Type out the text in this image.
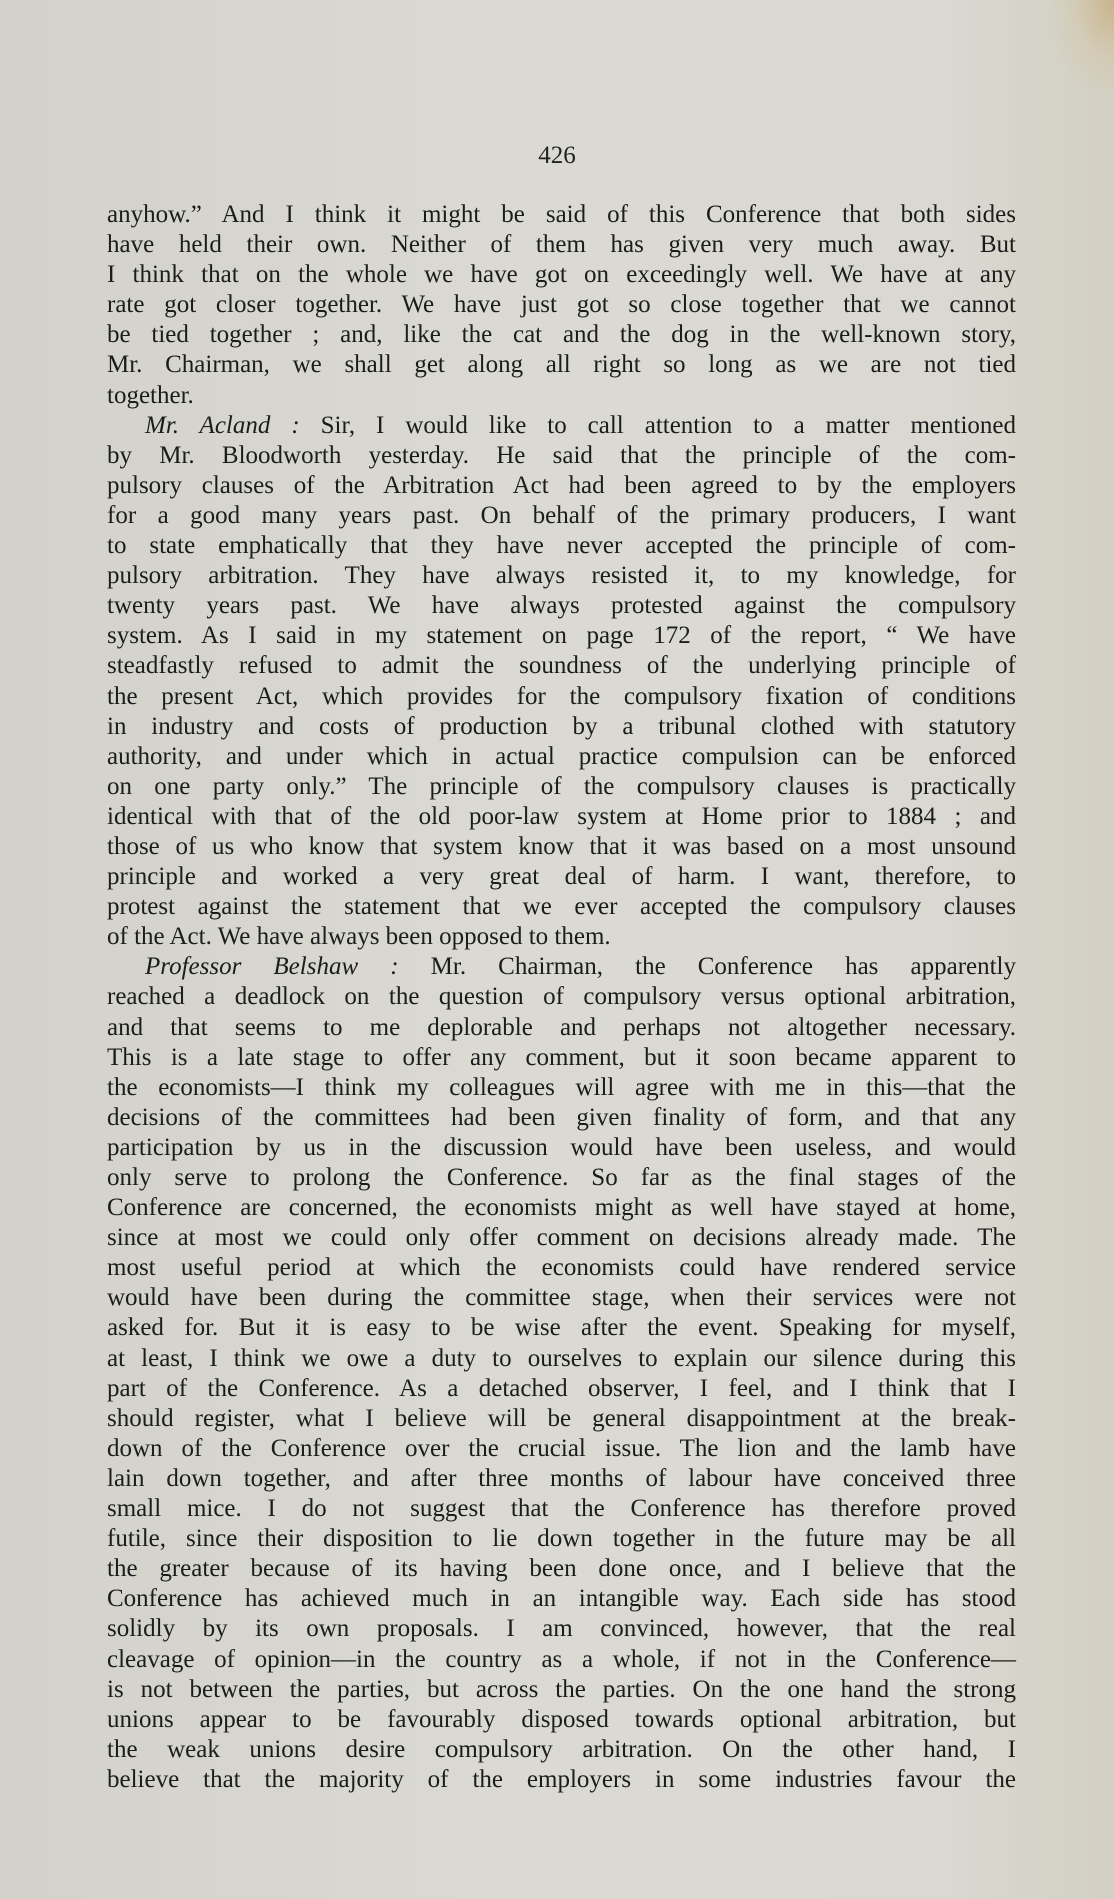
426
anyhow.” And I think it might be said of this Conference that both sides
have held their own. Neither of them has given very much away. But
I think that on the whole we have got on exceedingly well. We have at any
rate got closer together. We have just got so close together that we cannot
be tied together ; and, like the cat and the dog in the well-known story,
Mr. Chairman, we shall get along all right so long as we are not tied
together.
Mr. Acland : Sir, I would like to call attention to a matter mentioned
by Mr. Bloodworth yesterday. He said that the principle of the com-
pulsory clauses of the Arbitration Act had been agreed to by the employers
for a good many years past. On behalf of the primary producers, I want
to state emphatically that they have never accepted the principle of com-
pulsory arbitration. They have always resisted it, to my knowledge, for
twenty years past. We have always protested against the compulsory
system. As I said in my statement on page 172 of the report, “ We have
steadfastly refused to admit the soundness of the underlying principle of
the present Act, which provides for the compulsory fixation of conditions
in industry and costs of production by a tribunal clothed with statutory
authority, and under which in actual practice compulsion can be enforced
on one party only.” The principle of the compulsory clauses is practically
identical with that of the old poor-law system at Home prior to 1884 ; and
those of us who know that system know that it was based on a most unsound
principle and worked a very great deal of harm. I want, therefore, to
protest against the statement that we ever accepted the compulsory clauses
of the Act. We have always been opposed to them.
Professor Belshaw : Mr. Chairman, the Conference has apparently
reached a deadlock on the question of compulsory versus optional arbitration,
and that seems to me deplorable and perhaps not altogether necessary.
This is a late stage to offer any comment, but it soon became apparent to
the economists—I think my colleagues will agree with me in this—that the
decisions of the committees had been given finality of form, and that any
participation by us in the discussion would have been useless, and would
only serve to prolong the Conference. So far as the final stages of the
Conference are concerned, the economists might as well have stayed at home,
since at most we could only offer comment on decisions already made. The
most useful period at which the economists could have rendered service
would have been during the committee stage, when their services were not
asked for. But it is easy to be wise after the event. Speaking for myself,
at least, I think we owe a duty to ourselves to explain our silence during this
part of the Conference. As a detached observer, I feel, and I think that I
should register, what I believe will be general disappointment at the break-
down of the Conference over the crucial issue. The lion and the lamb have
lain down together, and after three months of labour have conceived three
small mice. I do not suggest that the Conference has therefore proved
futile, since their disposition to lie down together in the future may be all
the greater because of its having been done once, and I believe that the
Conference has achieved much in an intangible way. Each side has stood
solidly by its own proposals. I am convinced, however, that the real
cleavage of opinion—in the country as a whole, if not in the Conference—
is not between the parties, but across the parties. On the one hand the strong
unions appear to be favourably disposed towards optional arbitration, but
the weak unions desire compulsory arbitration. On the other hand, I
believe that the majority of the employers in some industries favour the
